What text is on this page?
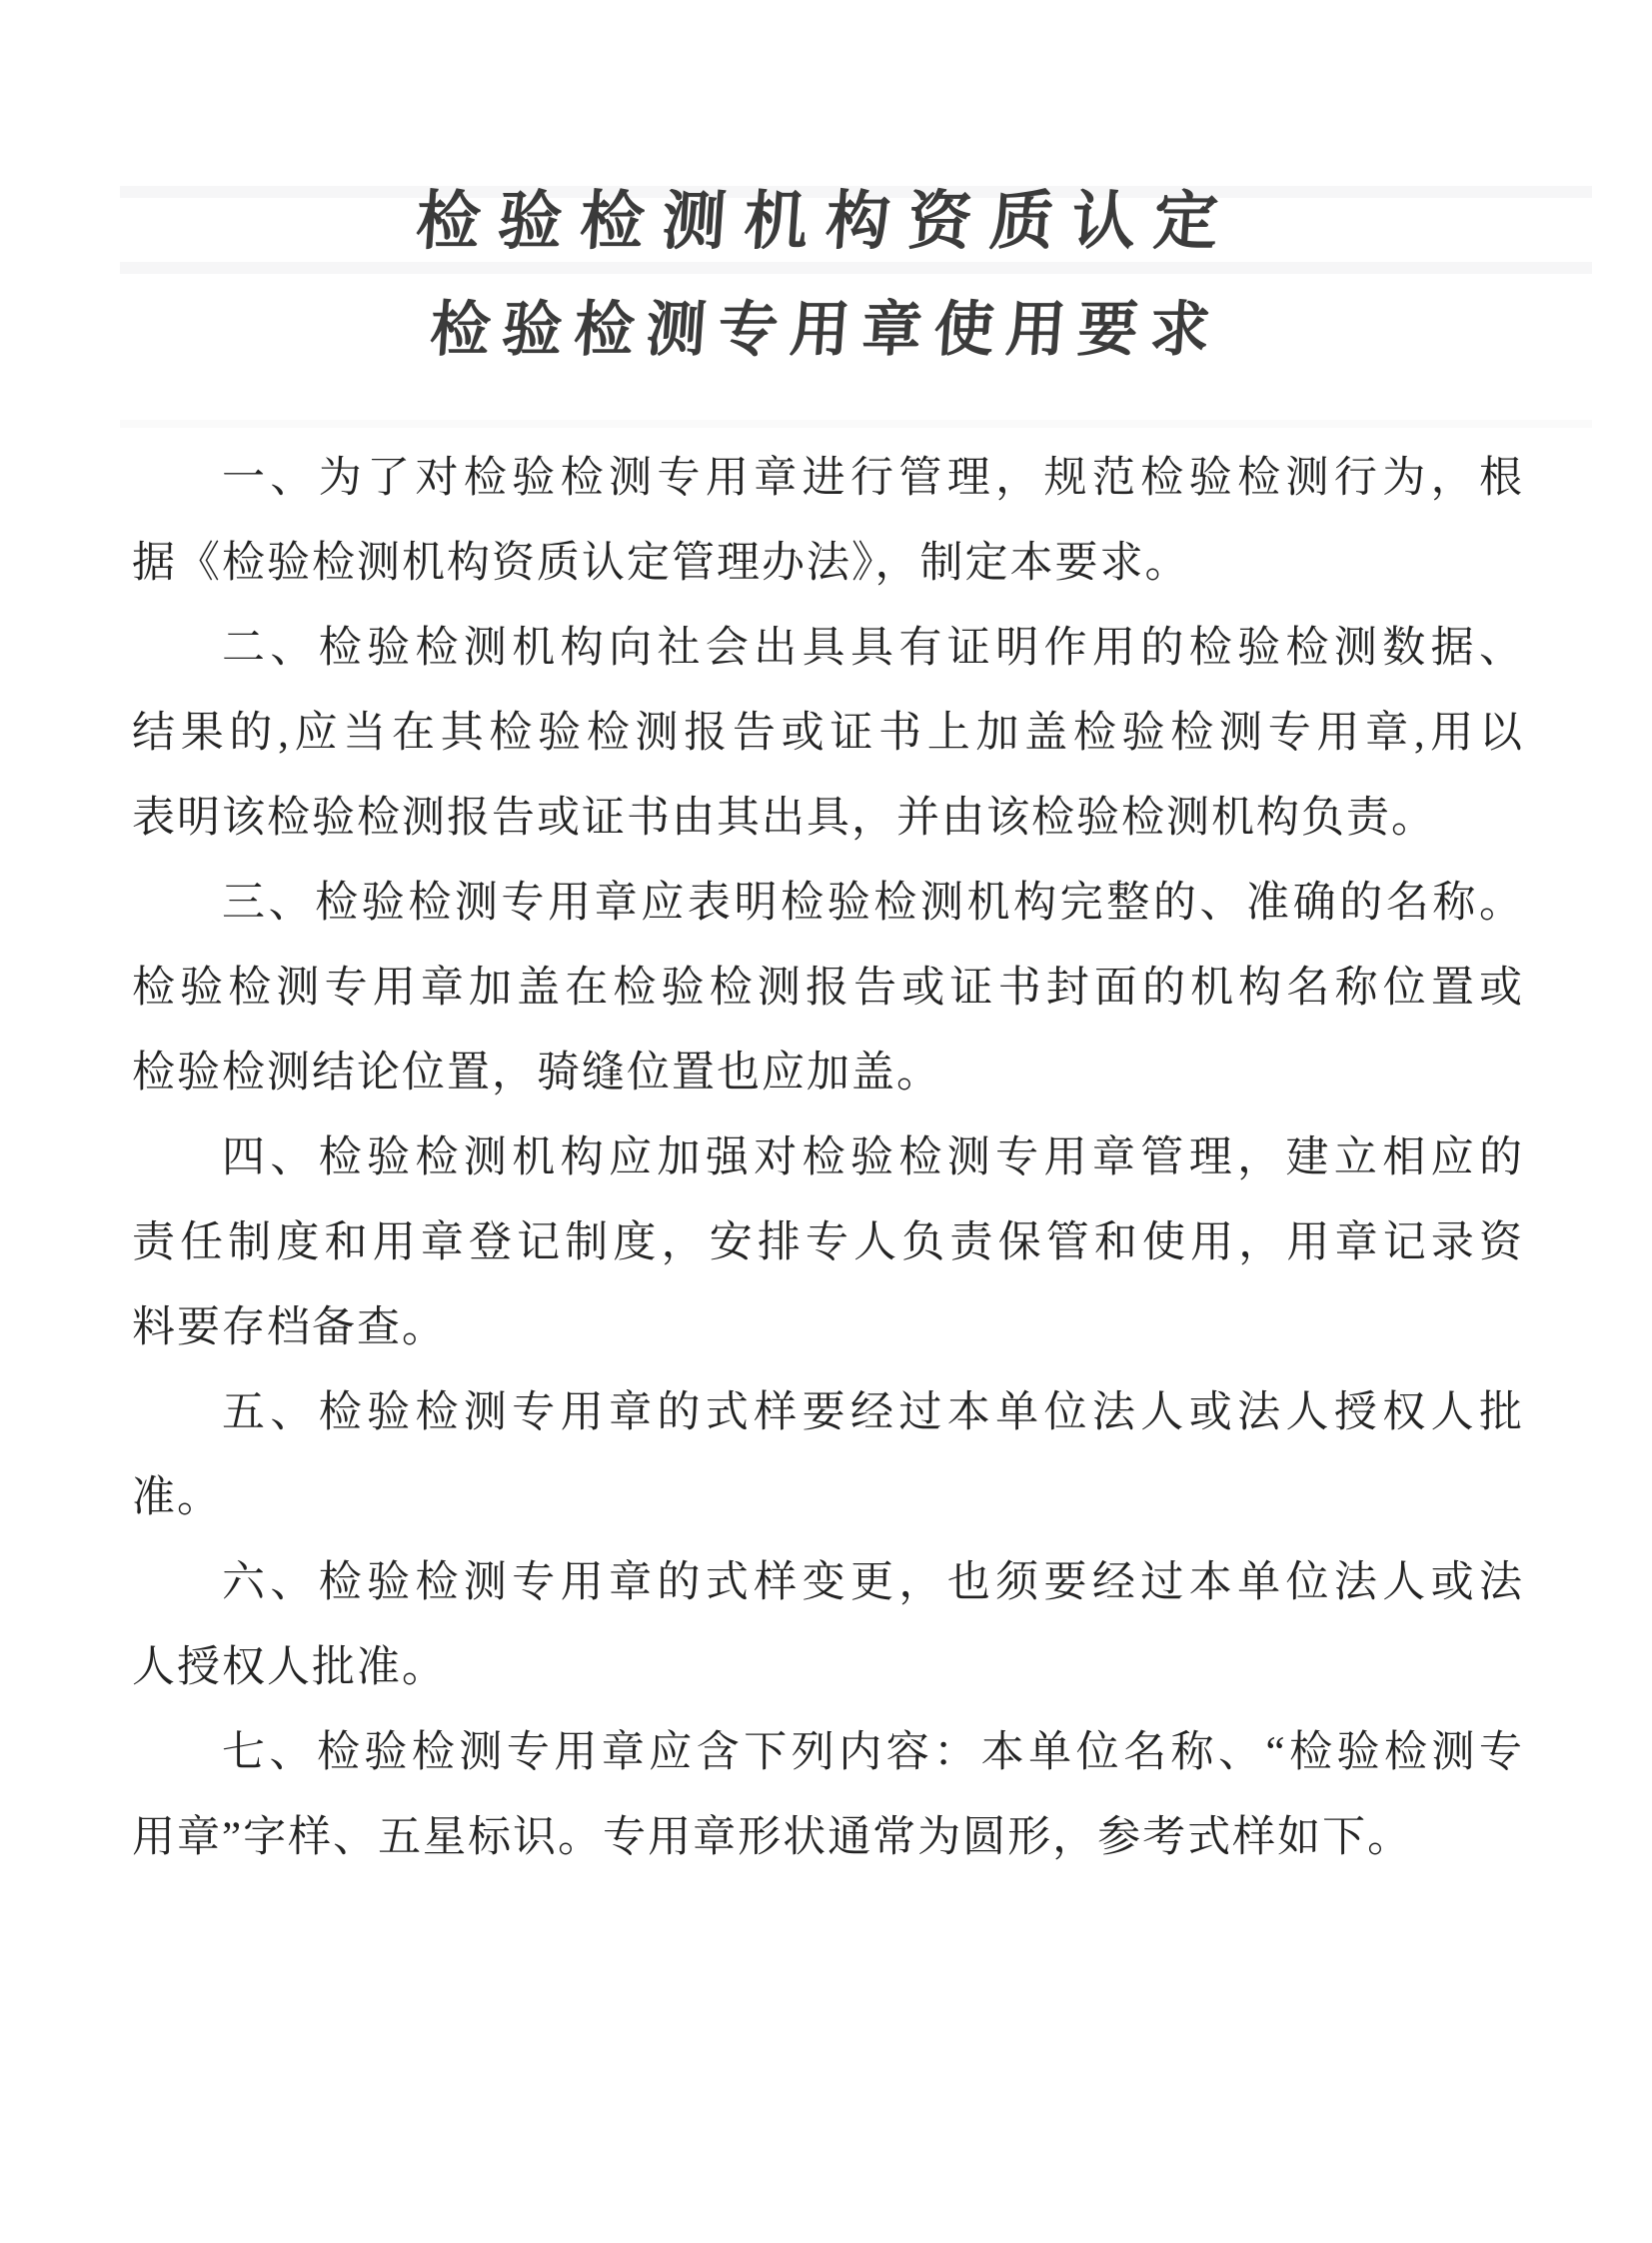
检验检测机构资质认定
检验检测专用章使用要求
一、为了对检验检测专用章进行管理，规范检验检测行为，根
据《检验检测机构资质认定管理办法》，制定本要求。
二、检验检测机构向社会出具具有证明作用的检验检测数据、
结果的,应当在其检验检测报告或证书上加盖检验检测专用章,用以
表明该检验检测报告或证书由其出具，并由该检验检测机构负责。
三、检验检测专用章应表明检验检测机构完整的、准确的名称。
检验检测专用章加盖在检验检测报告或证书封面的机构名称位置或
检验检测结论位置，骑缝位置也应加盖。
四、检验检测机构应加强对检验检测专用章管理，建立相应的
责任制度和用章登记制度，安排专人负责保管和使用，用章记录资
料要存档备查。
五、检验检测专用章的式样要经过本单位法人或法人授权人批
准。
六、检验检测专用章的式样变更，也须要经过本单位法人或法
人授权人批准。
七、检验检测专用章应含下列内容：本单位名称、“检验检测专
用章”字样、五星标识。专用章形状通常为圆形，参考式样如下。
